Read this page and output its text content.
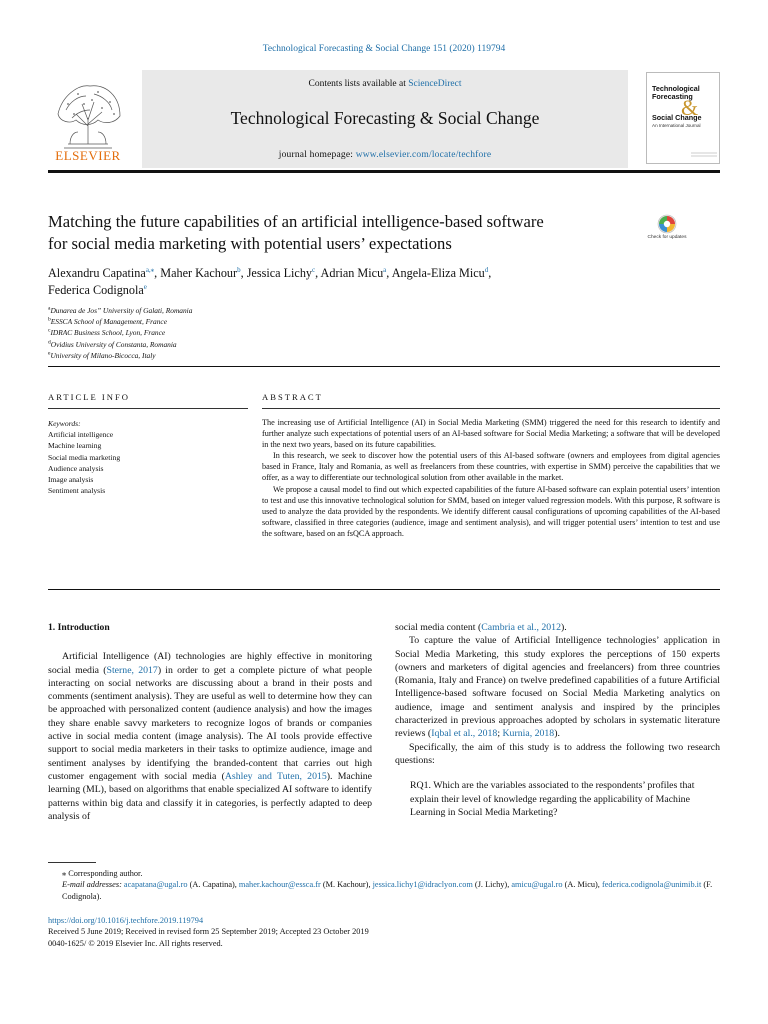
Technological Forecasting & Social Change 151 (2020) 119794
ELSEVIER
Contents lists available at ScienceDirect
Technological Forecasting & Social Change
journal homepage: www.elsevier.com/locate/techfore
Technological
Forecasting
&
Social Change
An International Journal
Matching the future capabilities of an artificial intelligence-based software
for social media marketing with potential users’ expectations	Check for updates
Alexandru Capatina$^{a,⁎}$, Maher Kachour$^b$, Jessica Lichy$^c$, Adrian Micu$^a$, Angela-Eliza Micu$^d$,
Federica Codignola$^e$
$^a$Dunarea de Jos” University of Galati, Romania
$^b$ESSCA School of Management, France
$^c$IDRAC Business School, Lyon, France
$^d$Ovidius University of Constanta, Romania
$^e$University of Milano-Bicocca, Italy
ARTICLE INFO
Keywords:
Artificial intelligence
Machine learning
Social media marketing
Audience analysis
Image analysis
Sentiment analysis
ABSTRACT

The increasing use of Artificial Intelligence (AI) in Social Media Marketing (SMM) triggered the need for this research to identify and further analyze such expectations of potential users of an AI-based software for Social Media Marketing; a software that will be developed in the next two years, based on its future capabilities.

In this research, we seek to discover how the potential users of this AI-based software (owners and employees from digital agencies based in France, Italy and Romania, as well as freelancers from these countries, with expertise in SMM) perceive the capabilities that we offer, as a way to differentiate our technological solution from other available in the market.

We propose a causal model to find out which expected capabilities of the future AI-based software can explain potential users’ intention to test and use this innovative technological solution for SMM, based on integer valued regression models. With this purpose, R software is used to analyze the data provided by the respondents. We identify different causal configurations of upcoming capabilities of the AI-based software, classified in three categories (audience, image and sentiment analysis), and will trigger potential users’ intention to test and use the software, based on an fsQCA approach.

1. Introduction

Artificial Intelligence (AI) technologies are highly effective in monitoring social media (Sterne, 2017) in order to get a complete picture of what people interacting on social networks are discussing about a brand in their posts and comments (sentiment analysis). They are useful as well to determine how they can be approached with personalized content (audience analysis) and how the images they share enable savvy marketers to recognize logos of brands or companies active in social media content (image analysis). The AI tools provide effective support to social media marketers in their tasks to optimize audience, image and sentiment analyses by identifying the branded-content that carries out high customer engagement with social media (Ashley and Tuten, 2015). Machine learning (ML), based on algorithms that enable specialized AI software to identify patterns within big data and classify it in categories, is perfectly adapted to deep analysis of

social media content (Cambria et al., 2012).

To capture the value of Artificial Intelligence technologies’ application in Social Media Marketing, this study explores the perceptions of 150 experts (owners and marketers of digital agencies and freelancers) from three countries (Romania, Italy and France) on twelve predefined capabilities of a future Artificial Intelligence-based software focused on Social Media Marketing analytics on audience, image and sentiment analysis and inspired by the principles characterized in previous approaches adopted by scholars in systematic literature reviews (Iqbal et al., 2018; Kurnia, 2018).

Specifically, the aim of this study is to address the following two research questions:

RQ1. Which are the variables associated to the respondents’ profiles that explain their level of knowledge regarding the applicability of Machine Learning in Social Media Marketing?

⁎ Corresponding author.
E-mail addresses: acapatana@ugal.ro (A. Capatina), maher.kachour@essca.fr (M. Kachour), jessica.lichy1@idraclyon.com (J. Lichy), amicu@ugal.ro (A. Micu), federica.codignola@unimib.it (F. Codignola).
https://doi.org/10.1016/j.techfore.2019.119794
Received 5 June 2019; Received in revised form 25 September 2019; Accepted 23 October 2019
0040-1625/ © 2019 Elsevier Inc. All rights reserved.
